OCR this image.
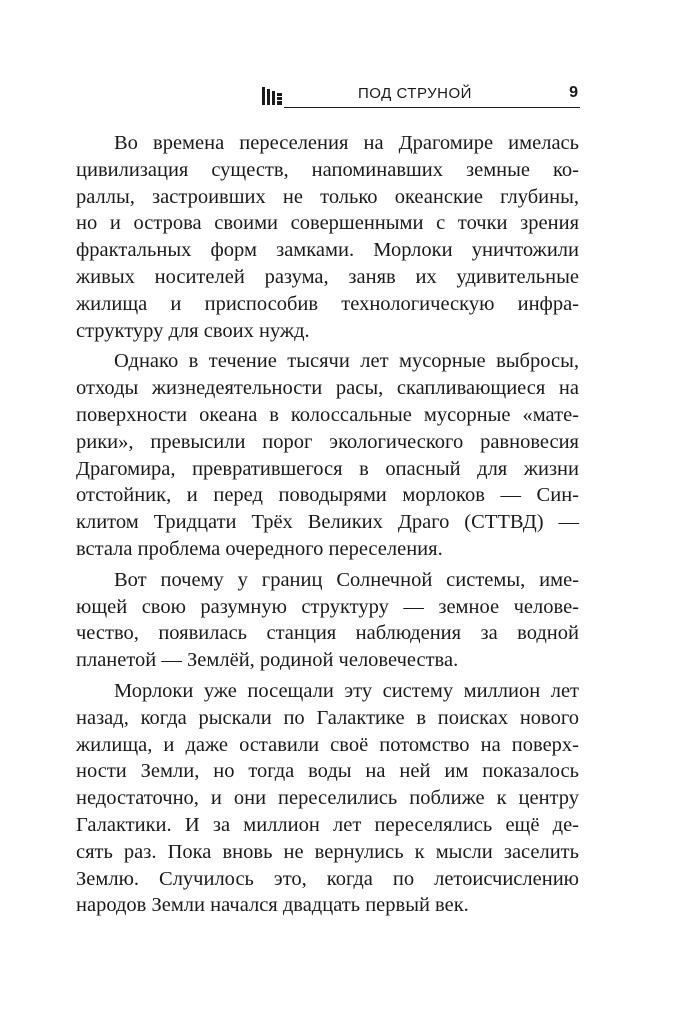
ПОД СТРУНОЙ	9
Во времена переселения на Драгомире имелась
цивилизация существ, напоминавших земные ко-
раллы, застроивших не только океанские глубины,
но и острова своими совершенными с точки зрения
фрактальных форм замками. Морлоки уничтожили
живых носителей разума, заняв их удивительные
жилища и приспособив технологическую инфра-
структуру для своих нужд.
Однако в течение тысячи лет мусорные выбросы,
отходы жизнедеятельности расы, скапливающиеся на
поверхности океана в колоссальные мусорные «мате-
рики», превысили порог экологического равновесия
Драгомира, превратившегося в опасный для жизни
отстойник, и перед поводырями морлоков — Син-
клитом Тридцати Трёх Великих Драго (СТТВД) —
встала проблема очередного переселения.
Вот почему у границ Солнечной системы, име-
ющей свою разумную структуру — земное челове-
чество, появилась станция наблюдения за водной
планетой — Землёй, родиной человечества.
Морлоки уже посещали эту систему миллион лет
назад, когда рыскали по Галактике в поисках нового
жилища, и даже оставили своё потомство на поверх-
ности Земли, но тогда воды на ней им показалось
недостаточно, и они переселились поближе к центру
Галактики. И за миллион лет переселялись ещё де-
сять раз. Пока вновь не вернулись к мысли заселить
Землю. Случилось это, когда по летоисчислению
народов Земли начался двадцать первый век.
